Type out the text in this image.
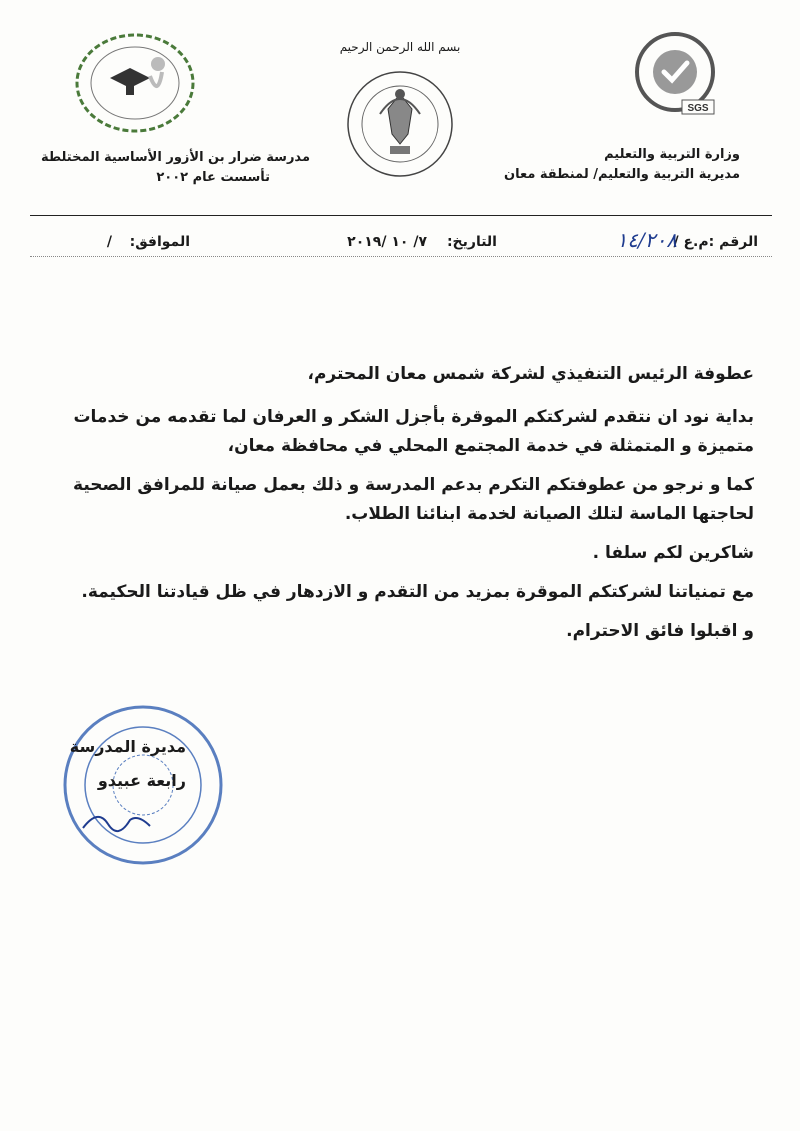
بسم الله الرحمن الرحيم
SGS
وزارة التربية والتعليم
مديرية التربية والتعليم/ لمنطقة معان
مدرسة ضرار بن الأزور الأساسية المختلطة
تأسست عام ٢٠٠٢
الرقم :م.ع /
١٤/٢٠٨
التاريخ:
٧/ ١٠ /٢٠١٩
الموافق:
/

عطوفة الرئيس التنفيذي لشركة شمس معان المحترم،

بداية نود ان نتقدم لشركتكم الموقرة بأجزل الشكر و العرفان لما تقدمه من خدمات متميزة و المتمثلة في خدمة المجتمع المحلي في محافظة معان،

كما و نرجو من عطوفتكم التكرم بدعم المدرسة و ذلك بعمل صيانة للمرافق الصحية لحاجتها الماسة لتلك الصيانة لخدمة ابنائنا الطلاب.

شاكرين لكم سلفا .

مع تمنياتنا لشركتكم الموقرة بمزيد من التقدم و الازدهار في ظل قيادتنا الحكيمة.

و اقبلوا فائق الاحترام.

مديرة المدرسة
رابعة عبيدو
